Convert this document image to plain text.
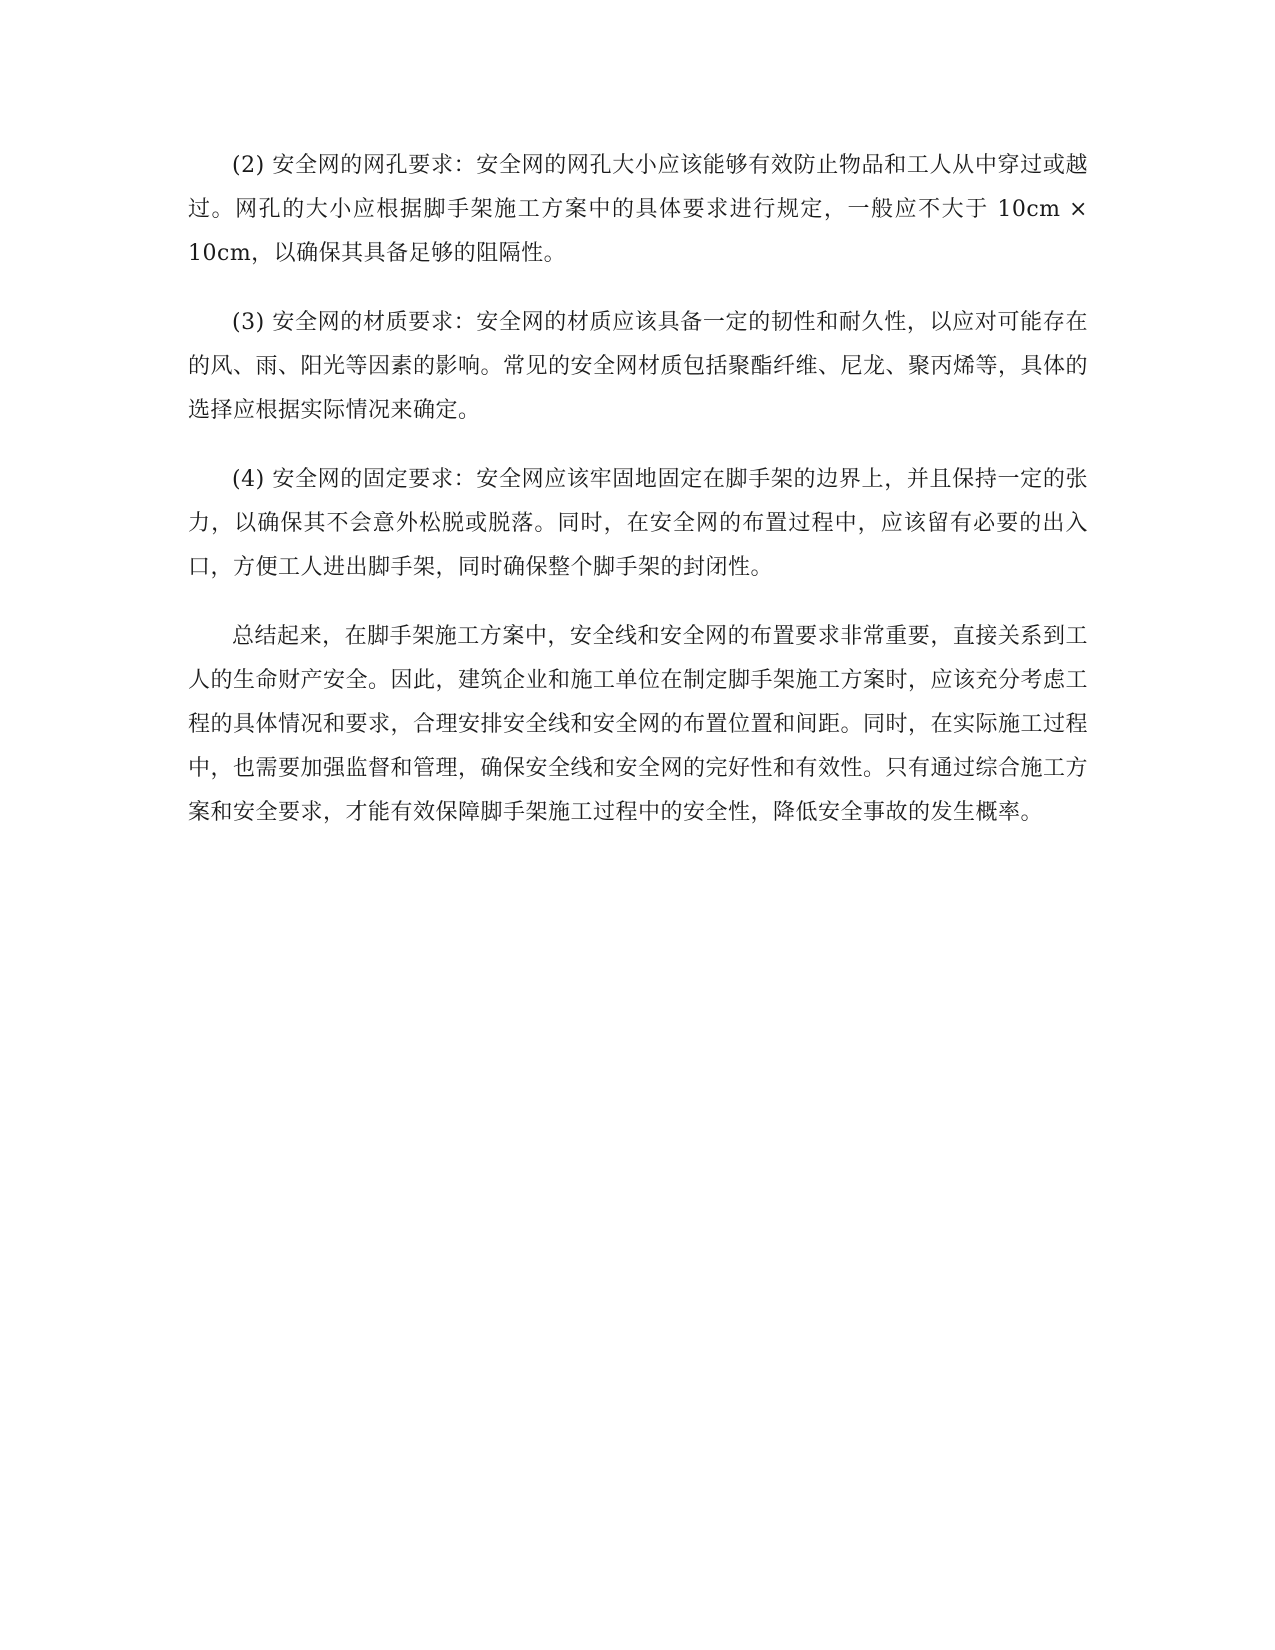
(2) 安全网的网孔要求：安全网的网孔大小应该能够有效防止物品和工人从中穿过或越过。网孔的大小应根据脚手架施工方案中的具体要求进行规定，一般应不大于 10cm × 10cm，以确保其具备足够的阻隔性。

(3) 安全网的材质要求：安全网的材质应该具备一定的韧性和耐久性，以应对可能存在的风、雨、阳光等因素的影响。常见的安全网材质包括聚酯纤维、尼龙、聚丙烯等，具体的选择应根据实际情况来确定。

(4) 安全网的固定要求：安全网应该牢固地固定在脚手架的边界上，并且保持一定的张力，以确保其不会意外松脱或脱落。同时，在安全网的布置过程中，应该留有必要的出入口，方便工人进出脚手架，同时确保整个脚手架的封闭性。

总结起来，在脚手架施工方案中，安全线和安全网的布置要求非常重要，直接关系到工人的生命财产安全。因此，建筑企业和施工单位在制定脚手架施工方案时，应该充分考虑工程的具体情况和要求，合理安排安全线和安全网的布置位置和间距。同时，在实际施工过程中，也需要加强监督和管理，确保安全线和安全网的完好性和有效性。只有通过综合施工方案和安全要求，才能有效保障脚手架施工过程中的安全性，降低安全事故的发生概率。
